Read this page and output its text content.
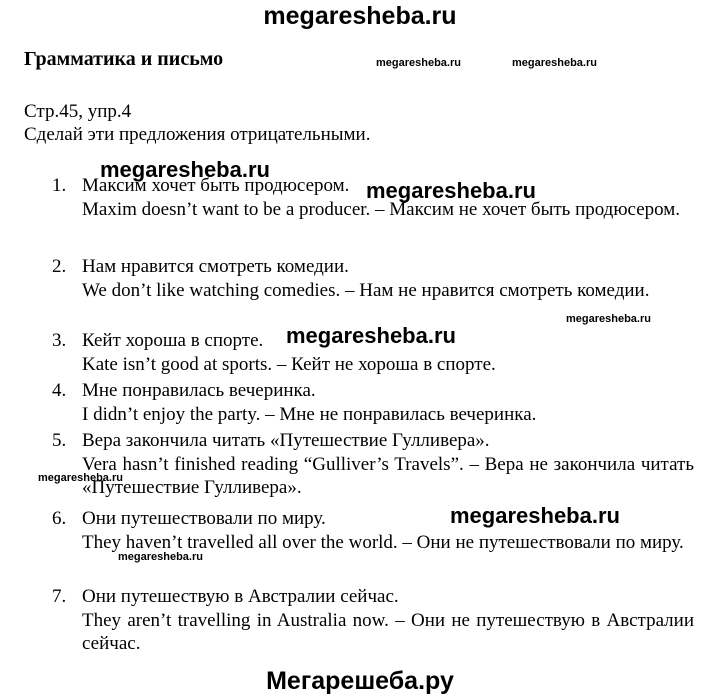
megaresheba.ru
Грамматика и письмо	megaresheba.ru	megaresheba.ru
Стр.45, упр.4
Сделай эти предложения отрицательными.
megaresheba.ru
1. Максим хочет быть продюсером.
Maxim doesn’t want to be a producer. – Максим не хочет быть продюсером.
2. Нам нравится смотреть комедии.
We don’t like watching comedies. – Нам не нравится смотреть комедии.
3. Кейт хороша в спорте.
Kate isn’t good at sports. – Кейт не хороша в спорте.
4. Мне понравилась вечеринка.
I didn’t enjoy the party. – Мне не понравилась вечеринка.
5. Вера закончила читать «Путешествие Гулливера».
Vera hasn’t finished reading “Gulliver’s Travels”. – Вера не закончила читать «Путешествие Гулливера».
6. Они путешествовали по миру.
They haven’t travelled all over the world. – Они не путешествовали по миру.
7. Они путешествую в Австралии сейчас.
They aren’t travelling in Australia now. – Они не путешествую в Австралии сейчас.
megaresheba.ru
megaresheba.ru
megaresheba.ru
megaresheba.ru
megaresheba.ru
megaresheba.ru
Мегарешеба.ру
